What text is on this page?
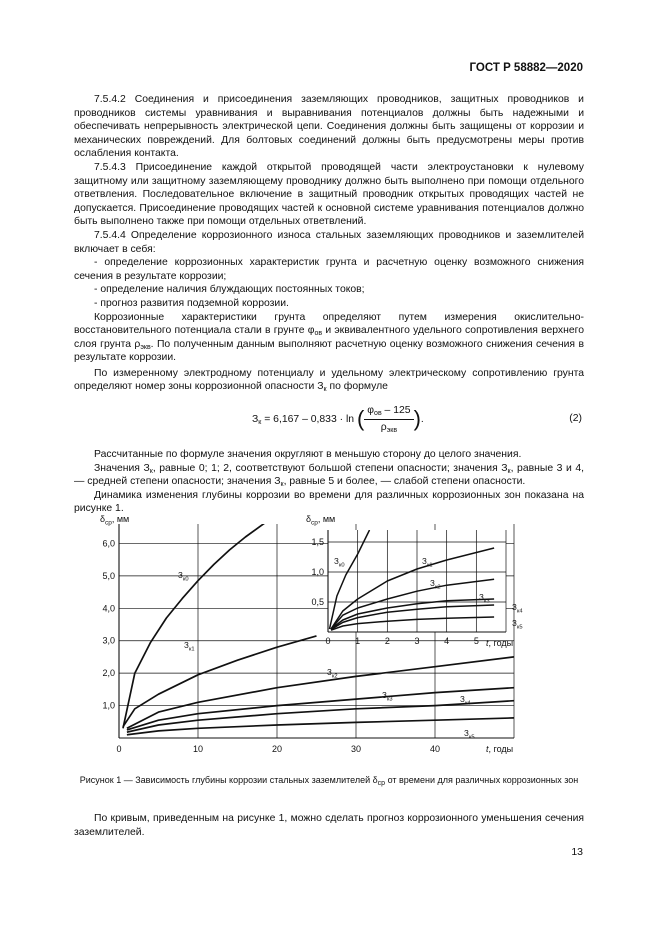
ГОСТ Р 58882—2020

7.5.4.2 Соединения и присоединения заземляющих проводников, защитных проводников и проводников системы уравнивания и выравнивания потенциалов должны быть надежными и обеспечивать непрерывность электрической цепи. Соединения должны быть защищены от коррозии и механических повреждений. Для болтовых соединений должны быть предусмотрены меры против ослабления контакта.

7.5.4.3 Присоединение каждой открытой проводящей части электроустановки к нулевому защитному или защитному заземляющему проводнику должно быть выполнено при помощи отдельного ответвления. Последовательное включение в защитный проводник открытых проводящих частей не допускается. Присоединение проводящих частей к основной системе уравнивания потенциалов должно быть выполнено также при помощи отдельных ответвлений.

7.5.4.4 Определение коррозионного износа стальных заземляющих проводников и заземлителей включает в себя:

- определение коррозионных характеристик грунта и расчетную оценку возможного снижения сечения в результате коррозии;

- определение наличия блуждающих постоянных токов;

- прогноз развития подземной коррозии.

Коррозионные характеристики грунта определяют путем измерения окислительно-восстановительного потенциала стали в грунте $\varphi_{ов}$ и эквивалентного удельного сопротивления верхнего слоя грунта $\rho_{экв}$. По полученным данным выполняют расчетную оценку возможного снижения сечения в результате коррозии.

По измеренному электродному потенциалу и удельному электрическому сопротивлению грунта определяют номер зоны коррозионной опасности $З_к$ по формуле

$З_к = 6,167 - 0,833 \cdot \ln$ ( $\varphi_{ов} - 125$
$\rho_{экв}$ ).	(2)

Рассчитанные по формуле значения округляют в меньшую сторону до целого значения.

Значения $З_к$, равные 0; 1; 2, соответствуют большой степени опасности; значения $З_к$, равные 3 и 4, — средней степени опасности; значения $З_к$, равные 5 и более, — слабой степени опасности.

Динамика изменения глубины коррозии во времени для различных коррозионных зон показана на рисунке 1.

0	10	20	30	40
1,0
2,0
3,0
4,0
5,0
6,0
$\delta_{ср}$, мм
t, годы
$З_{к0}$
$З_{к1}$
$З_{к2}$
$З_{к3}$	$З_{к4}$
$З_{к5}$
0	1	2	3	4	5
0,5
1,0
1,5
$\delta_{ср}$, мм
t, годы
$З_{к0}$	$З_{к1}$
$З_{к2}$
$З_{к3}$
$З_{к4}$
$З_{к5}$
Рисунок 1 — Зависимость глубины коррозии стальных заземлителей $\delta_{ср}$ от времени для различных коррозионных зон
По кривым, приведенным на рисунке 1, можно сделать прогноз коррозионного уменьшения сечения заземлителей.
13
